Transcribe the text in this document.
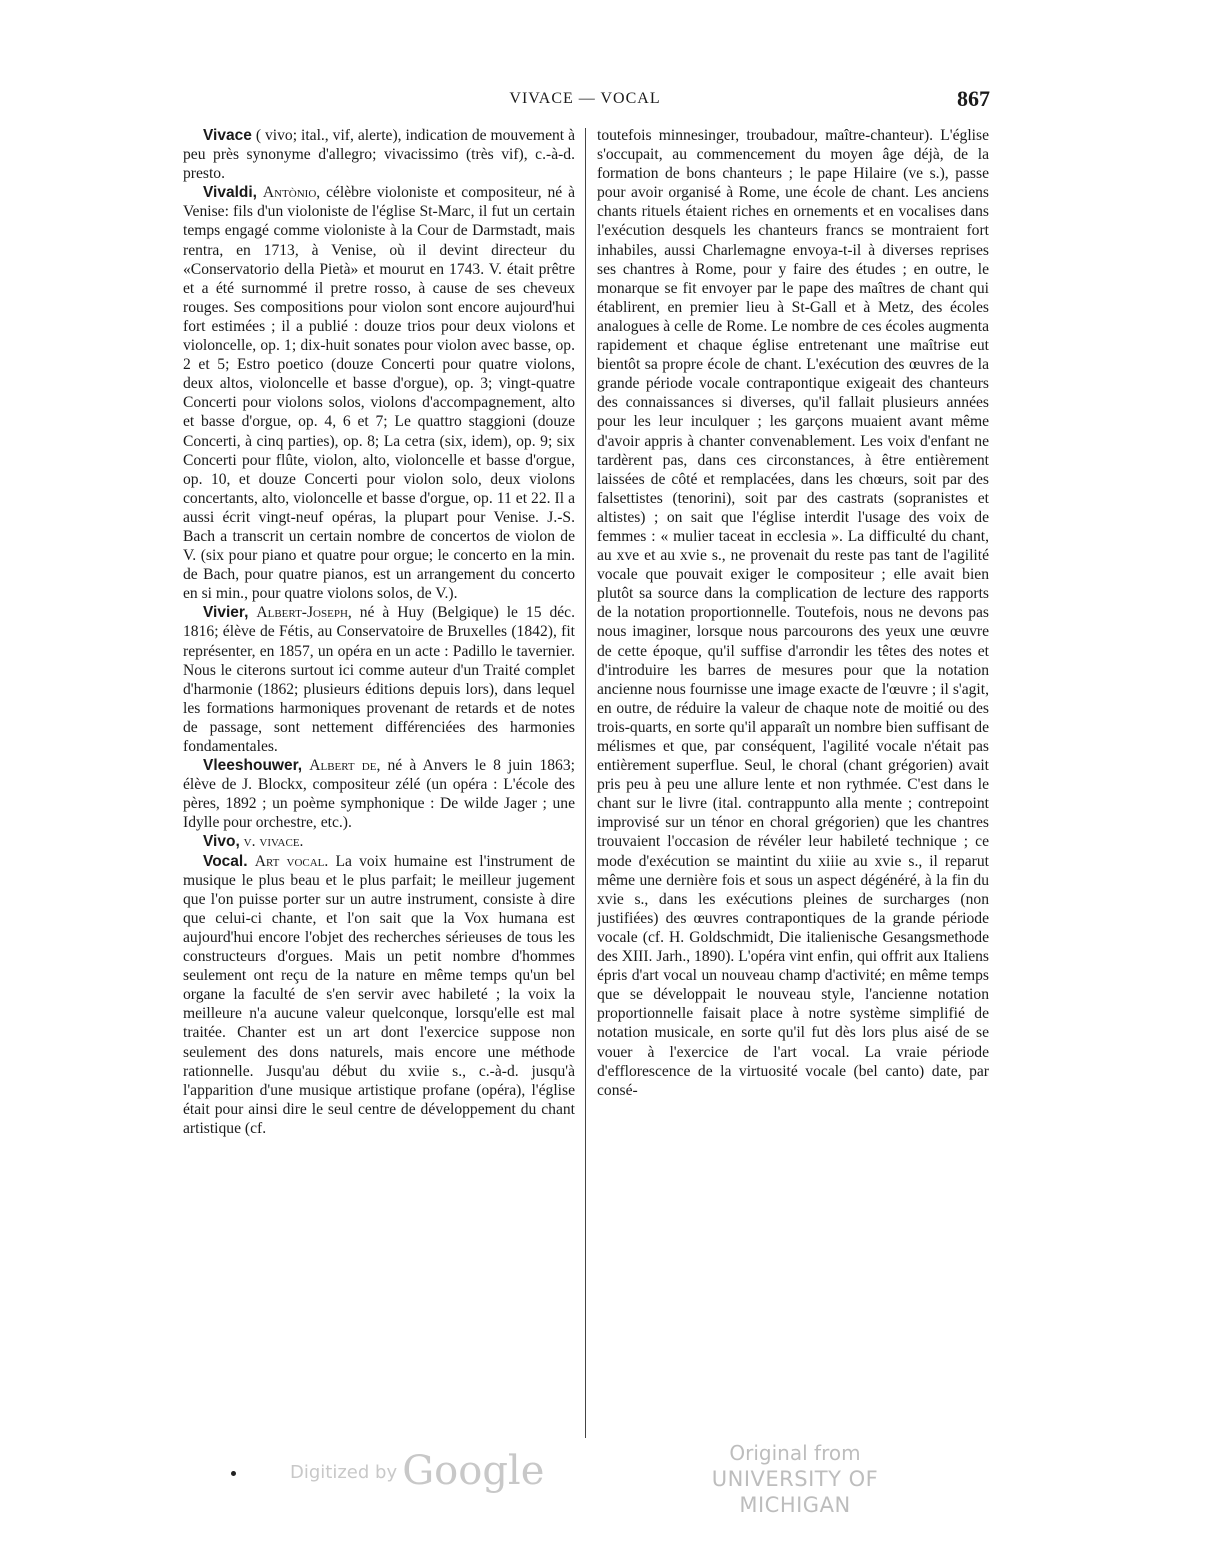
VIVACE — VOCAL	867

Vivace ( vivo; ital., vif, alerte), indication de mouvement à peu près synonyme d'allegro; vivacissimo (très vif), c.-à-d. presto.

Vivaldi, Antònio, célèbre violoniste et compositeur, né à Venise: fils d'un violoniste de l'église St-Marc, il fut un certain temps engagé comme violoniste à la Cour de Darmstadt, mais rentra, en 1713, à Venise, où il devint directeur du «Conservatorio della Pietà» et mourut en 1743. V. était prêtre et a été surnommé il pretre rosso, à cause de ses cheveux rouges. Ses compositions pour violon sont encore aujourd'hui fort estimées ; il a publié : douze trios pour deux violons et violoncelle, op. 1; dix-huit sonates pour violon avec basse, op. 2 et 5; Estro poetico (douze Concerti pour quatre violons, deux altos, violoncelle et basse d'orgue), op. 3; vingt-quatre Concerti pour violons solos, violons d'accompagnement, alto et basse d'orgue, op. 4, 6 et 7; Le quattro staggioni (douze Concerti, à cinq parties), op. 8; La cetra (six, idem), op. 9; six Concerti pour flûte, violon, alto, violoncelle et basse d'orgue, op. 10, et douze Concerti pour violon solo, deux violons concertants, alto, violoncelle et basse d'orgue, op. 11 et 22. Il a aussi écrit vingt-neuf opéras, la plupart pour Venise. J.-S. Bach a transcrit un certain nombre de concertos de violon de V. (six pour piano et quatre pour orgue; le concerto en la min. de Bach, pour quatre pianos, est un arrangement du concerto en si min., pour quatre violons solos, de V.).

Vivier, Albert-Joseph, né à Huy (Belgique) le 15 déc. 1816; élève de Fétis, au Conservatoire de Bruxelles (1842), fit représenter, en 1857, un opéra en un acte : Padillo le tavernier. Nous le citerons surtout ici comme auteur d'un Traité complet d'harmonie (1862; plusieurs éditions depuis lors), dans lequel les formations harmoniques provenant de retards et de notes de passage, sont nettement différenciées des harmonies fondamentales.

Vleeshouwer, Albert de, né à Anvers le 8 juin 1863; élève de J. Blockx, compositeur zélé (un opéra : L'école des pères, 1892 ; un poème symphonique : De wilde Jager ; une Idylle pour orchestre, etc.).

Vivo, v. vivace.

Vocal. Art vocal. La voix humaine est l'instrument de musique le plus beau et le plus parfait; le meilleur jugement que l'on puisse porter sur un autre instrument, consiste à dire que celui-ci chante, et l'on sait que la Vox humana est aujourd'hui encore l'objet des recherches sérieuses de tous les constructeurs d'orgues. Mais un petit nombre d'hommes seulement ont reçu de la nature en même temps qu'un bel organe la faculté de s'en servir avec habileté ; la voix la meilleure n'a aucune valeur quelconque, lorsqu'elle est mal traitée. Chanter est un art dont l'exercice suppose non seulement des dons naturels, mais encore une méthode rationnelle. Jusqu'au début du xviie s., c.-à-d. jusqu'à l'apparition d'une musique artistique profane (opéra), l'église était pour ainsi dire le seul centre de développement du chant artistique (cf.

toutefois minnesinger, troubadour, maître-chanteur). L'église s'occupait, au commencement du moyen âge déjà, de la formation de bons chanteurs ; le pape Hilaire (ve s.), passe pour avoir organisé à Rome, une école de chant. Les anciens chants rituels étaient riches en ornements et en vocalises dans l'exécution desquels les chanteurs francs se montraient fort inhabiles, aussi Charlemagne envoya-t-il à diverses reprises ses chantres à Rome, pour y faire des études ; en outre, le monarque se fit envoyer par le pape des maîtres de chant qui établirent, en premier lieu à St-Gall et à Metz, des écoles analogues à celle de Rome. Le nombre de ces écoles augmenta rapidement et chaque église entretenant une maîtrise eut bientôt sa propre école de chant. L'exécution des œuvres de la grande période vocale contrapontique exigeait des chanteurs des connaissances si diverses, qu'il fallait plusieurs années pour les leur inculquer ; les garçons muaient avant même d'avoir appris à chanter convenablement. Les voix d'enfant ne tardèrent pas, dans ces circonstances, à être entièrement laissées de côté et remplacées, dans les chœurs, soit par des falsettistes (tenorini), soit par des castrats (sopranistes et altistes) ; on sait que l'église interdit l'usage des voix de femmes : « mulier taceat in ecclesia ». La difficulté du chant, au xve et au xvie s., ne provenait du reste pas tant de l'agilité vocale que pouvait exiger le compositeur ; elle avait bien plutôt sa source dans la complication de lecture des rapports de la notation proportionnelle. Toutefois, nous ne devons pas nous imaginer, lorsque nous parcourons des yeux une œuvre de cette époque, qu'il suffise d'arrondir les têtes des notes et d'introduire les barres de mesures pour que la notation ancienne nous fournisse une image exacte de l'œuvre ; il s'agit, en outre, de réduire la valeur de chaque note de moitié ou des trois-quarts, en sorte qu'il apparaît un nombre bien suffisant de mélismes et que, par conséquent, l'agilité vocale n'était pas entièrement superflue. Seul, le choral (chant grégorien) avait pris peu à peu une allure lente et non rythmée. C'est dans le chant sur le livre (ital. contrappunto alla mente ; contrepoint improvisé sur un ténor en choral grégorien) que les chantres trouvaient l'occasion de révéler leur habileté technique ; ce mode d'exécution se maintint du xiiie au xvie s., il reparut même une dernière fois et sous un aspect dégénéré, à la fin du xvie s., dans les exécutions pleines de surcharges (non justifiées) des œuvres contrapontiques de la grande période vocale (cf. H. Goldschmidt, Die italienische Gesangsmethode des XIII. Jarh., 1890). L'opéra vint enfin, qui offrit aux Italiens épris d'art vocal un nouveau champ d'activité; en même temps que se développait le nouveau style, l'ancienne notation proportionnelle faisait place à notre système simplifié de notation musicale, en sorte qu'il fut dès lors plus aisé de se vouer à l'exercice de l'art vocal. La vraie période d'efflorescence de la virtuosité vocale (bel canto) date, par consé-

Digitized by Google	Original from
UNIVERSITY OF MICHIGAN
